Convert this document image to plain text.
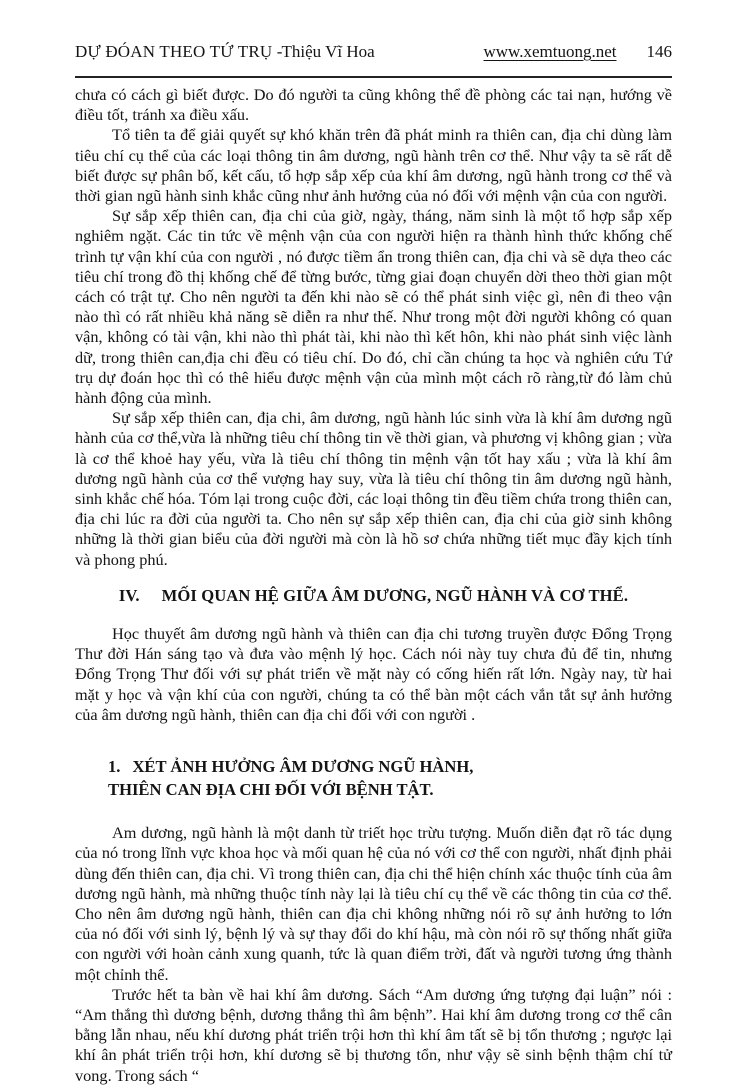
DỰ ĐÓAN THEO TỨ TRỤ -
Thiệu Vĩ Hoa	www.xemtuong.net 146

chưa có cách gì biết được. Do đó người ta cũng không thể đề phòng các tai nạn, hướng về điều tốt, tránh xa điều xấu.

Tổ tiên ta để giải quyết sự khó khăn trên đã phát minh ra thiên can, địa chi dùng làm tiêu chí cụ thể của các loại thông tin âm dương, ngũ hành trên cơ thể. Như vậy ta sẽ rất dễ biết được sự phân bố, kết cấu, tổ hợp sắp xếp của khí âm dương, ngũ hành trong cơ thể và thời gian ngũ hành sinh khắc cũng như ảnh hưởng của nó đối với mệnh vận của con người.

Sự sắp xếp thiên can, địa chi của giờ, ngày, tháng, năm sinh là một tổ hợp sắp xếp nghiêm ngặt. Các tin tức về mệnh vận của con người hiện ra thành hình thức khống chế trình tự vận khí của con người , nó được tiềm ẩn trong thiên can, địa chi và sẽ dựa theo các tiêu chí trong đồ thị khống chế để từng bước, từng giai đoạn chuyển dời theo thời gian một cách có trật tự. Cho nên người ta đến khi nào sẽ có thể phát sinh việc gì, nên đi theo vận nào thì có rất nhiều khả năng sẽ diễn ra như thế. Như trong một đời người không có quan vận, không có tài vận, khi nào thì phát tài, khi nào thì kết hôn, khi nào phát sinh việc lành dữ, trong thiên can,địa chi đều có tiêu chí. Do đó, chỉ cần chúng ta học và nghiên cứu Tứ trụ dự đoán học thì có thê hiểu được mệnh vận của mình một cách rõ ràng,từ đó làm chủ hành động của mình.

Sự sắp xếp thiên can, địa chi, âm dương, ngũ hành lúc sinh vừa là khí âm dương ngũ hành của cơ thể,vừa là những tiêu chí thông tin về thời gian, và phương vị không gian ; vừa là cơ thể khoẻ hay yếu, vừa là tiêu chí thông tin mệnh vận tốt hay xấu ; vừa là khí âm dương ngũ hành của cơ thể vượng hay suy, vừa là tiêu chí thông tin âm dương ngũ hành, sinh khắc chế hóa. Tóm lại trong cuộc đời, các loại thông tin đều tiềm chứa trong thiên can, địa chi lúc ra đời của người ta. Cho nên sự sắp xếp thiên can, địa chi của giờ sinh không những là thời gian biểu của đời người mà còn là hồ sơ chứa những tiết mục đầy kịch tính và phong phú.

IV. MỐI QUAN HỆ GIỮA ÂM DƯƠNG, NGŨ HÀNH VÀ CƠ THỂ.

Học thuyết âm dương ngũ hành và thiên can địa chi tương truyền được Đổng Trọng Thư đời Hán sáng tạo và đưa vào mệnh lý học. Cách nói này tuy chưa đủ để tin, nhưng Đổng Trọng Thư đối với sự phát triển về mặt này có cống hiến rất lớn. Ngày nay, từ hai mặt y học và vận khí của con người, chúng ta có thể bàn một cách vắn tắt sự ảnh hưởng của âm dương ngũ hành, thiên can địa chi đối với con người .

1. XÉT ẢNH HƯỞNG ÂM DƯƠNG NGŨ HÀNH,
THIÊN CAN ĐỊA CHI ĐỐI VỚI BỆNH TẬT.

Am dương, ngũ hành là một danh từ triết học trừu tượng. Muốn diễn đạt rõ tác dụng của nó trong lĩnh vực khoa học và mối quan hệ của nó với cơ thể con người, nhất định phải dùng đến thiên can, địa chi. Vì trong thiên can, địa chi thể hiện chính xác thuộc tính của âm dương ngũ hành, mà những thuộc tính này lại là tiêu chí cụ thể về các thông tin của cơ thể. Cho nên âm dương ngũ hành, thiên can địa chi không những nói rõ sự ảnh hưởng to lớn của nó đối với sinh lý, bệnh lý và sự thay đổi do khí hậu, mà còn nói rõ sự thống nhất giữa con người với hoàn cảnh xung quanh, tức là quan điểm trời, đất và người tương ứng thành một chỉnh thể.

Trước hết ta bàn về hai khí âm dương. Sách “Am dương ứng tượng đại luận” nói : “Am thắng thì dương bệnh, dương thắng thì âm bệnh”. Hai khí âm dương trong cơ thể cân bằng lẫn nhau, nếu khí dương phát triển trội hơn thì khí âm tất sẽ bị tổn thương ; ngược lại khí ân phát triển trội hơn, khí dương sẽ bị thương tổn, như vậy sẽ sinh bệnh thậm chí tử vong. Trong sách “
